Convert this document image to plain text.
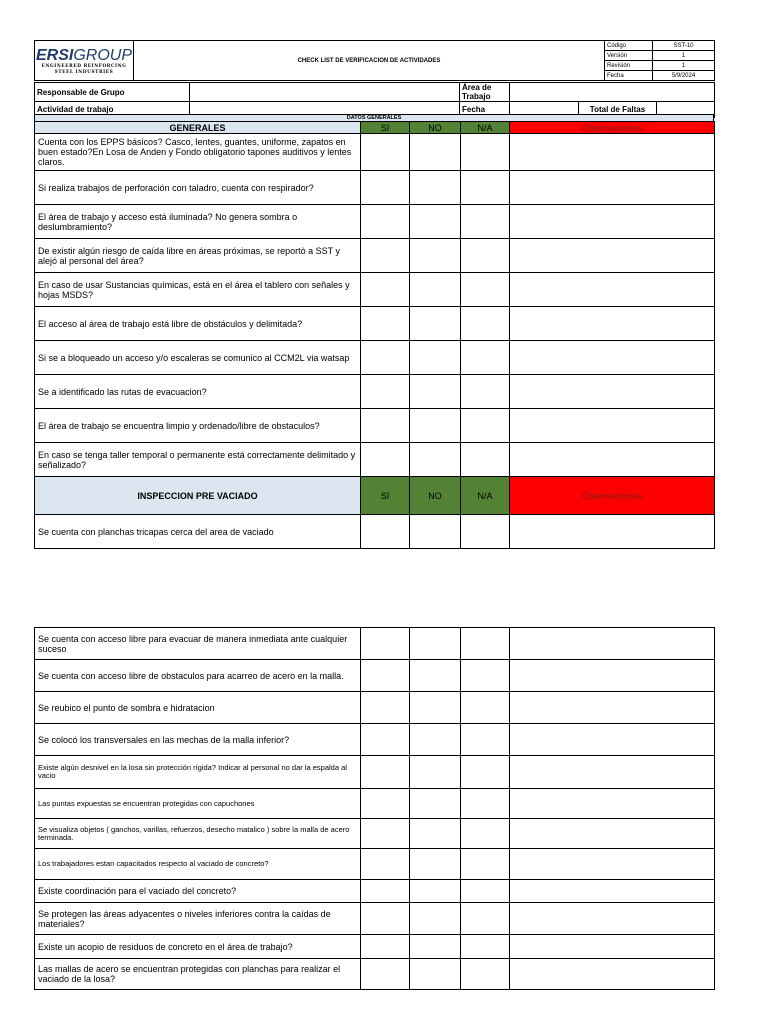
ERSIGROUP
ENGINEERED REINFORCING
STEEL INDUSTRIES	CHECK LIST DE VERIFICACION DE ACTIVIDADES	Código	SST-10
		Versión	1
		Revisión	1
		Fecha	5/9/2024
Responsable de Grupo		Área de Trabajo			
Actividad de trabajo		Fecha		Total de Faltas	
DATOS GENERALES
GENERALES	SI	NO	N/A	Observaciones
Cuenta con los EPPS básicos? Casco, lentes, guantes, uniforme, zapatos en buen estado?En Losa de Anden y Fondo obligatorio tapones auditivos y lentes claros.				
Si realiza trabajos de perforación con taladro, cuenta con respirador?				
El área de trabajo y acceso está iluminada? No genera sombra o deslumbramiento?				
De existir algún riesgo de caída libre en áreas próximas, se reportò a SST y alejó al personal del área?				
En caso de usar Sustancias químicas, está en el área el tablero con señales y hojas MSDS?				
El acceso al área de trabajo está libre de obstáculos y delimitada?				
Si se a bloqueado un acceso y/o escaleras se comunico al CCM2L via watsap				
Se a identificado las rutas de evacuacion?				
El área de trabajo se encuentra limpio y ordenado/libre de obstaculos?				
En caso se tenga taller temporal o permanente está correctamente delimitado y señalizado?				
INSPECCION PRE VACIADO	SI	NO	N/A	Observaciones
Se cuenta con planchas tricapas cerca del area de vaciado				
Se cuenta con acceso libre para evacuar de manera inmediata ante cualquier suceso				
Se cuenta con acceso libre de obstaculos para acarreo de acero en la malla.				
Se reubico el punto de sombra e hidratacion				
Se colocó los transversales en las mechas de la malla inferior?				
Existe algún desnivel en la losa sin protección rígida? Indicar al personal no dar la espalda al vacio				
Las puntas expuestas se encuentran protegidas con capuchones				
Se visualiza objetos ( ganchos, varillas, refuerzos, desecho matalico ) sobre la malla de acero terminada.				
Los trabajadores estan capacitados respecto al vaciado de concreto?				
Existe coordinación para el vaciado del concreto?				
Se protegen las áreas adyacentes o niveles inferiores contra la caídas de materiales?				
Existe un acopio de residuos de concreto en el área de trabajo?				
Las mallas de acero se encuentran protegidas con planchas para realizar el vaciado de la losa?				
